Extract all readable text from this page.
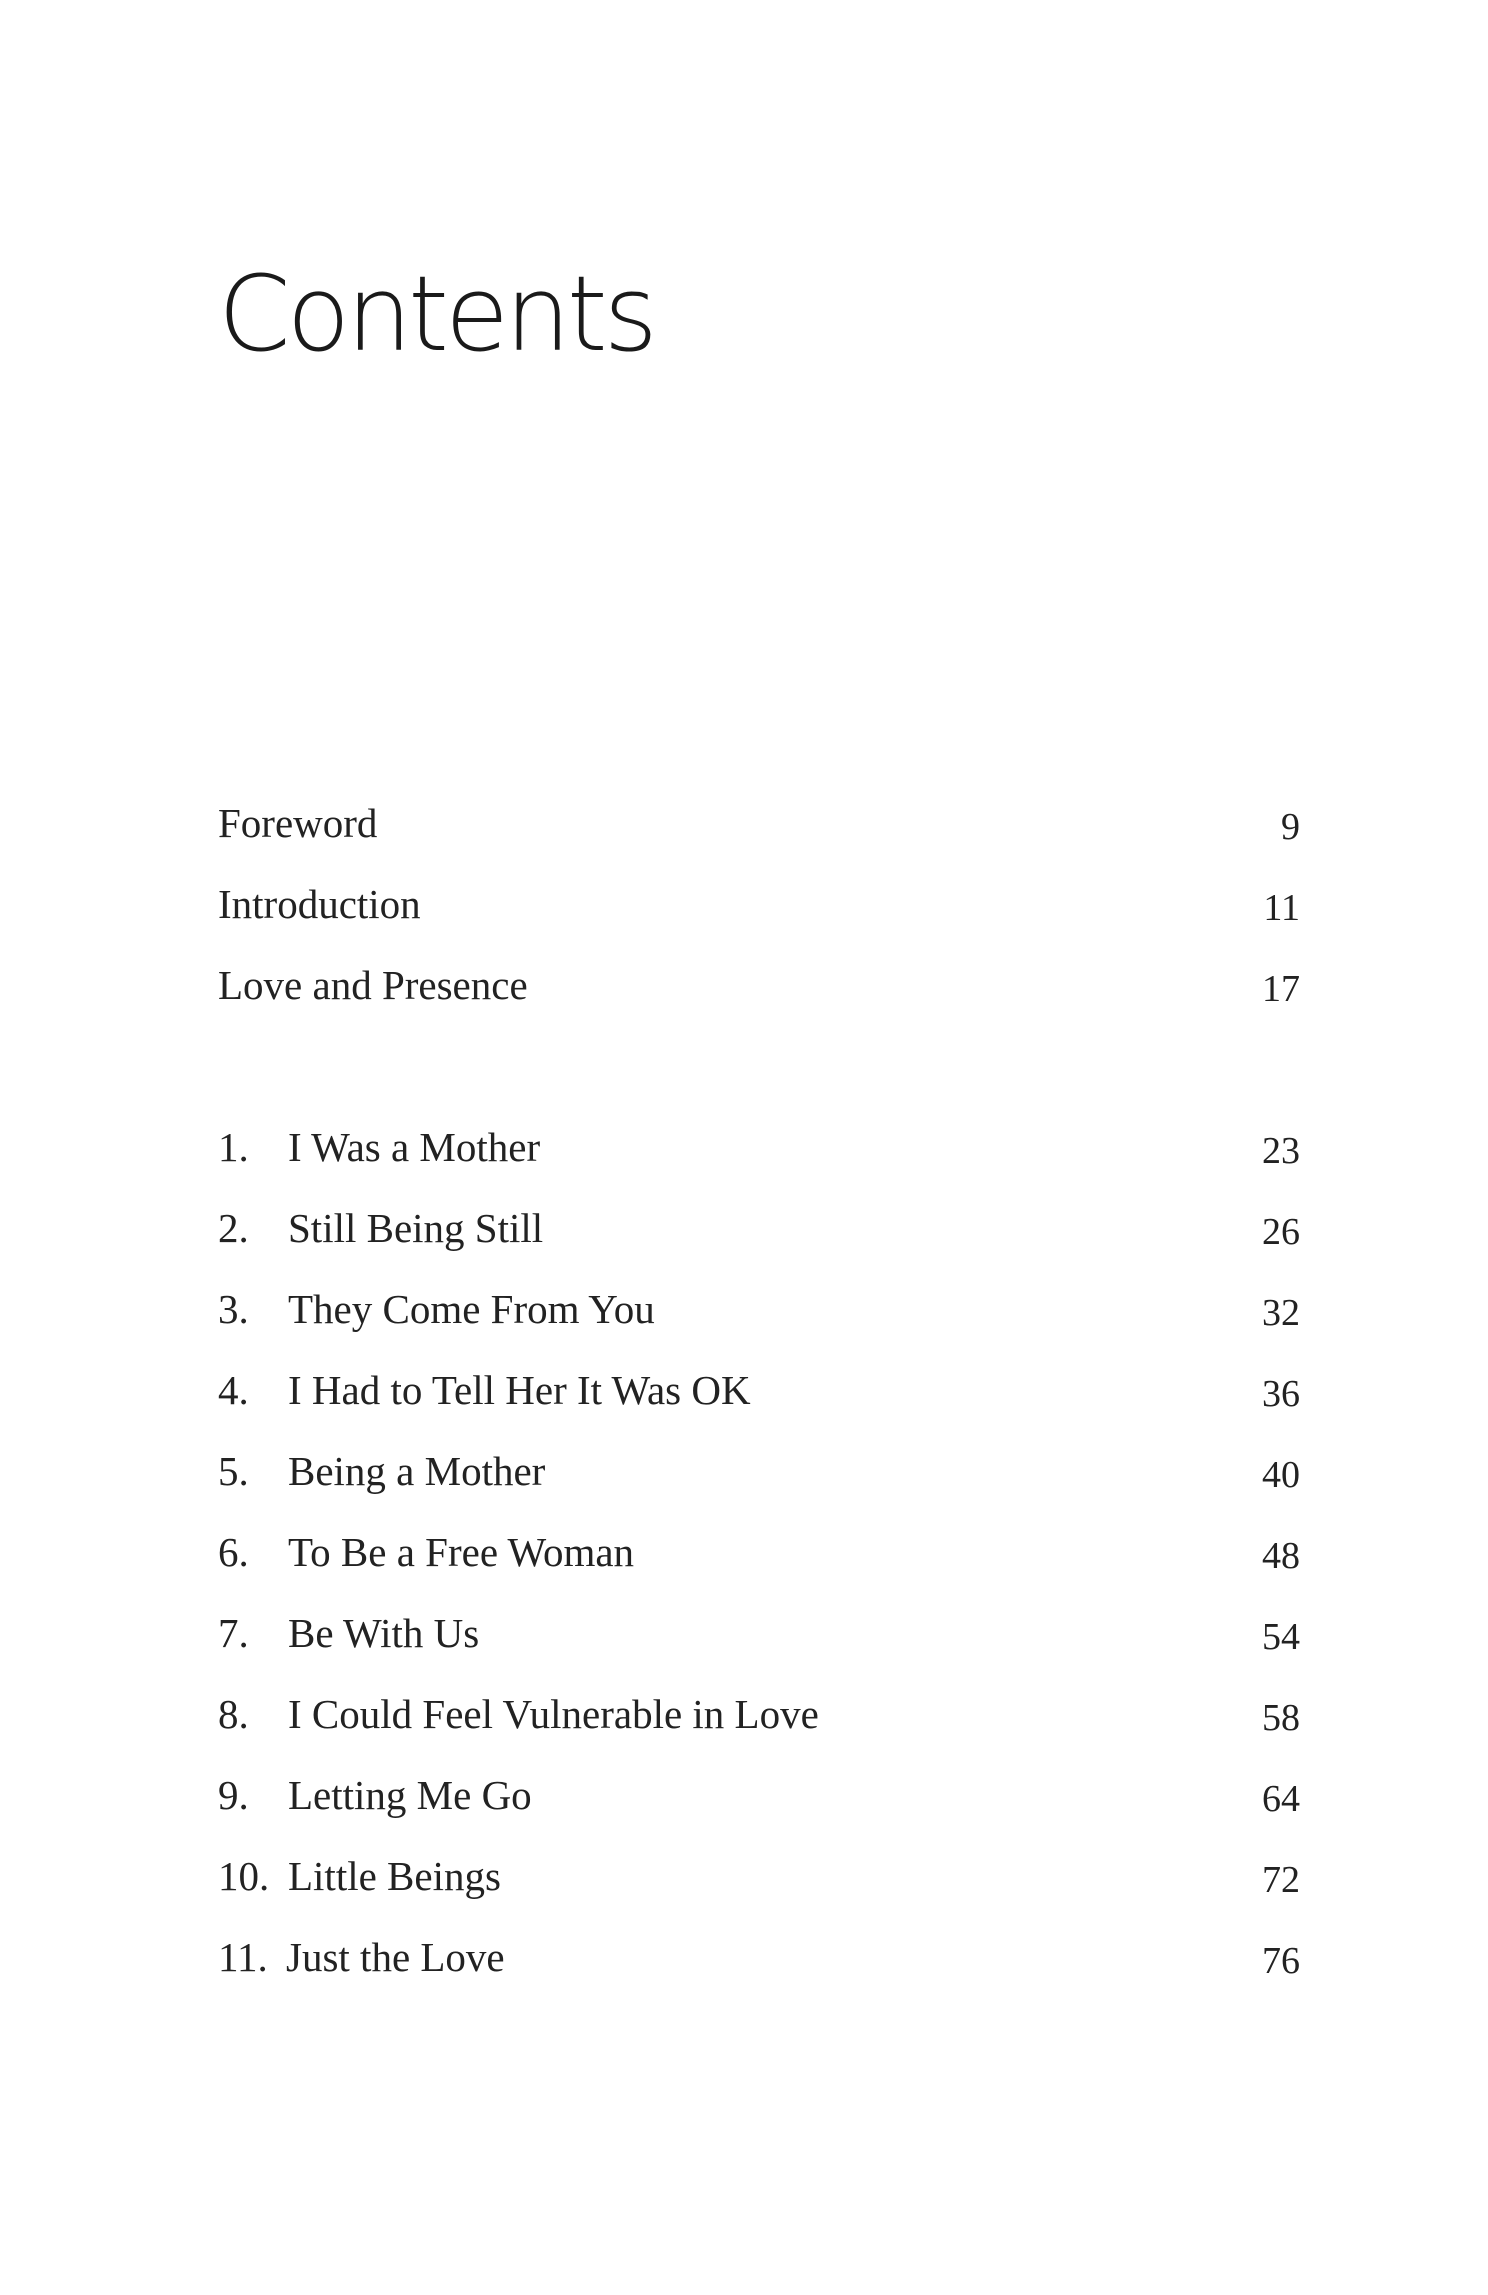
Contents
Foreword	9
Introduction	11
Love and Presence	17
1. I Was a Mother	23
2. Still Being Still	26
3. They Come From You	32
4. I Had to Tell Her It Was OK	36
5. Being a Mother	40
6. To Be a Free Woman	48
7. Be With Us	54
8. I Could Feel Vulnerable in Love	58
9. Letting Me Go	64
10. Little Beings	72
11. Just the Love	76
